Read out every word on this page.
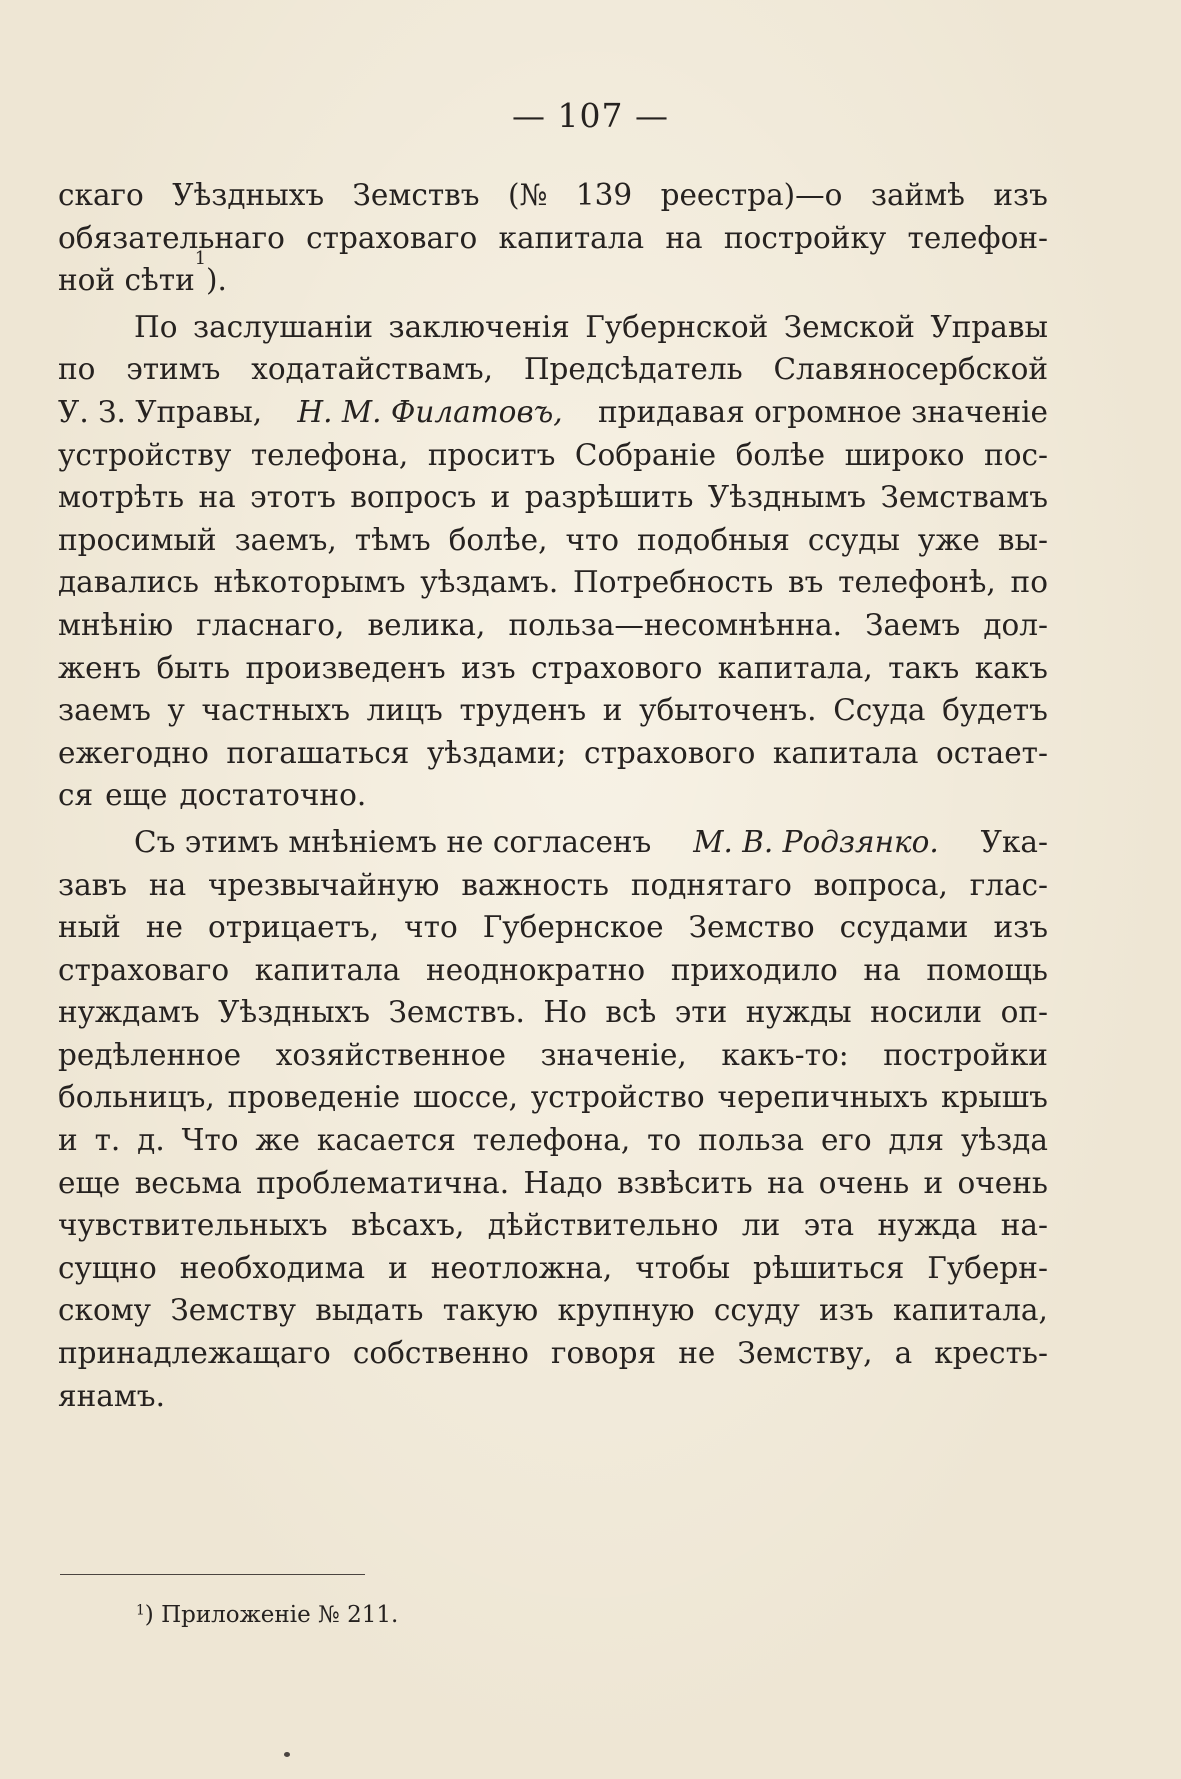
— 107 —
скаго Уѣздныхъ Земствъ (№ 139 реестра)—о займѣ изъ
обязательнаго страховаго капитала на постройку телефон-
ной сѣти
1
).
По заслушаніи заключенія Губернской Земской Управы
по этимъ ходатайствамъ, Предсѣдатель Славяносербской
У. З. Управы, Н. М. Филатовъ, придавая огромное значеніе
устройству телефона, проситъ Собраніе болѣе широко пос-
мотрѣть на этотъ вопросъ и разрѣшить Уѣзднымъ Земствамъ
просимый заемъ, тѣмъ болѣе, что подобныя ссуды уже вы-
давались нѣкоторымъ уѣздамъ. Потребность въ телефонѣ, по
мнѣнію гласнаго, велика, польза—несомнѣнна. Заемъ дол-
женъ быть произведенъ изъ страхового капитала, такъ какъ
заемъ у частныхъ лицъ труденъ и убыточенъ. Ссуда будетъ
ежегодно погашаться уѣздами; страхового капитала остает-
ся еще достаточно.
Съ этимъ мнѣніемъ не согласенъ М. В. Родзянко. Ука-
завъ на чрезвычайную важность поднятаго вопроса, глас-
ный не отрицаетъ, что Губернское Земство ссудами изъ
страховаго капитала неоднократно приходило на помощь
нуждамъ Уѣздныхъ Земствъ. Но всѣ эти нужды носили оп-
редѣленное хозяйственное значеніе, какъ-то: постройки
больницъ, проведеніе шоссе, устройство черепичныхъ крышъ
и т. д. Что же касается телефона, то польза его для уѣзда
еще весьма проблематична. Надо взвѣсить на очень и очень
чувствительныхъ вѣсахъ, дѣйствительно ли эта нужда на-
сущно необходима и неотложна, чтобы рѣшиться Губерн-
скому Земству выдать такую крупную ссуду изъ капитала,
принадлежащаго собственно говоря не Земству, а кресть-
янамъ.
$^1$) Приложеніе № 211.
